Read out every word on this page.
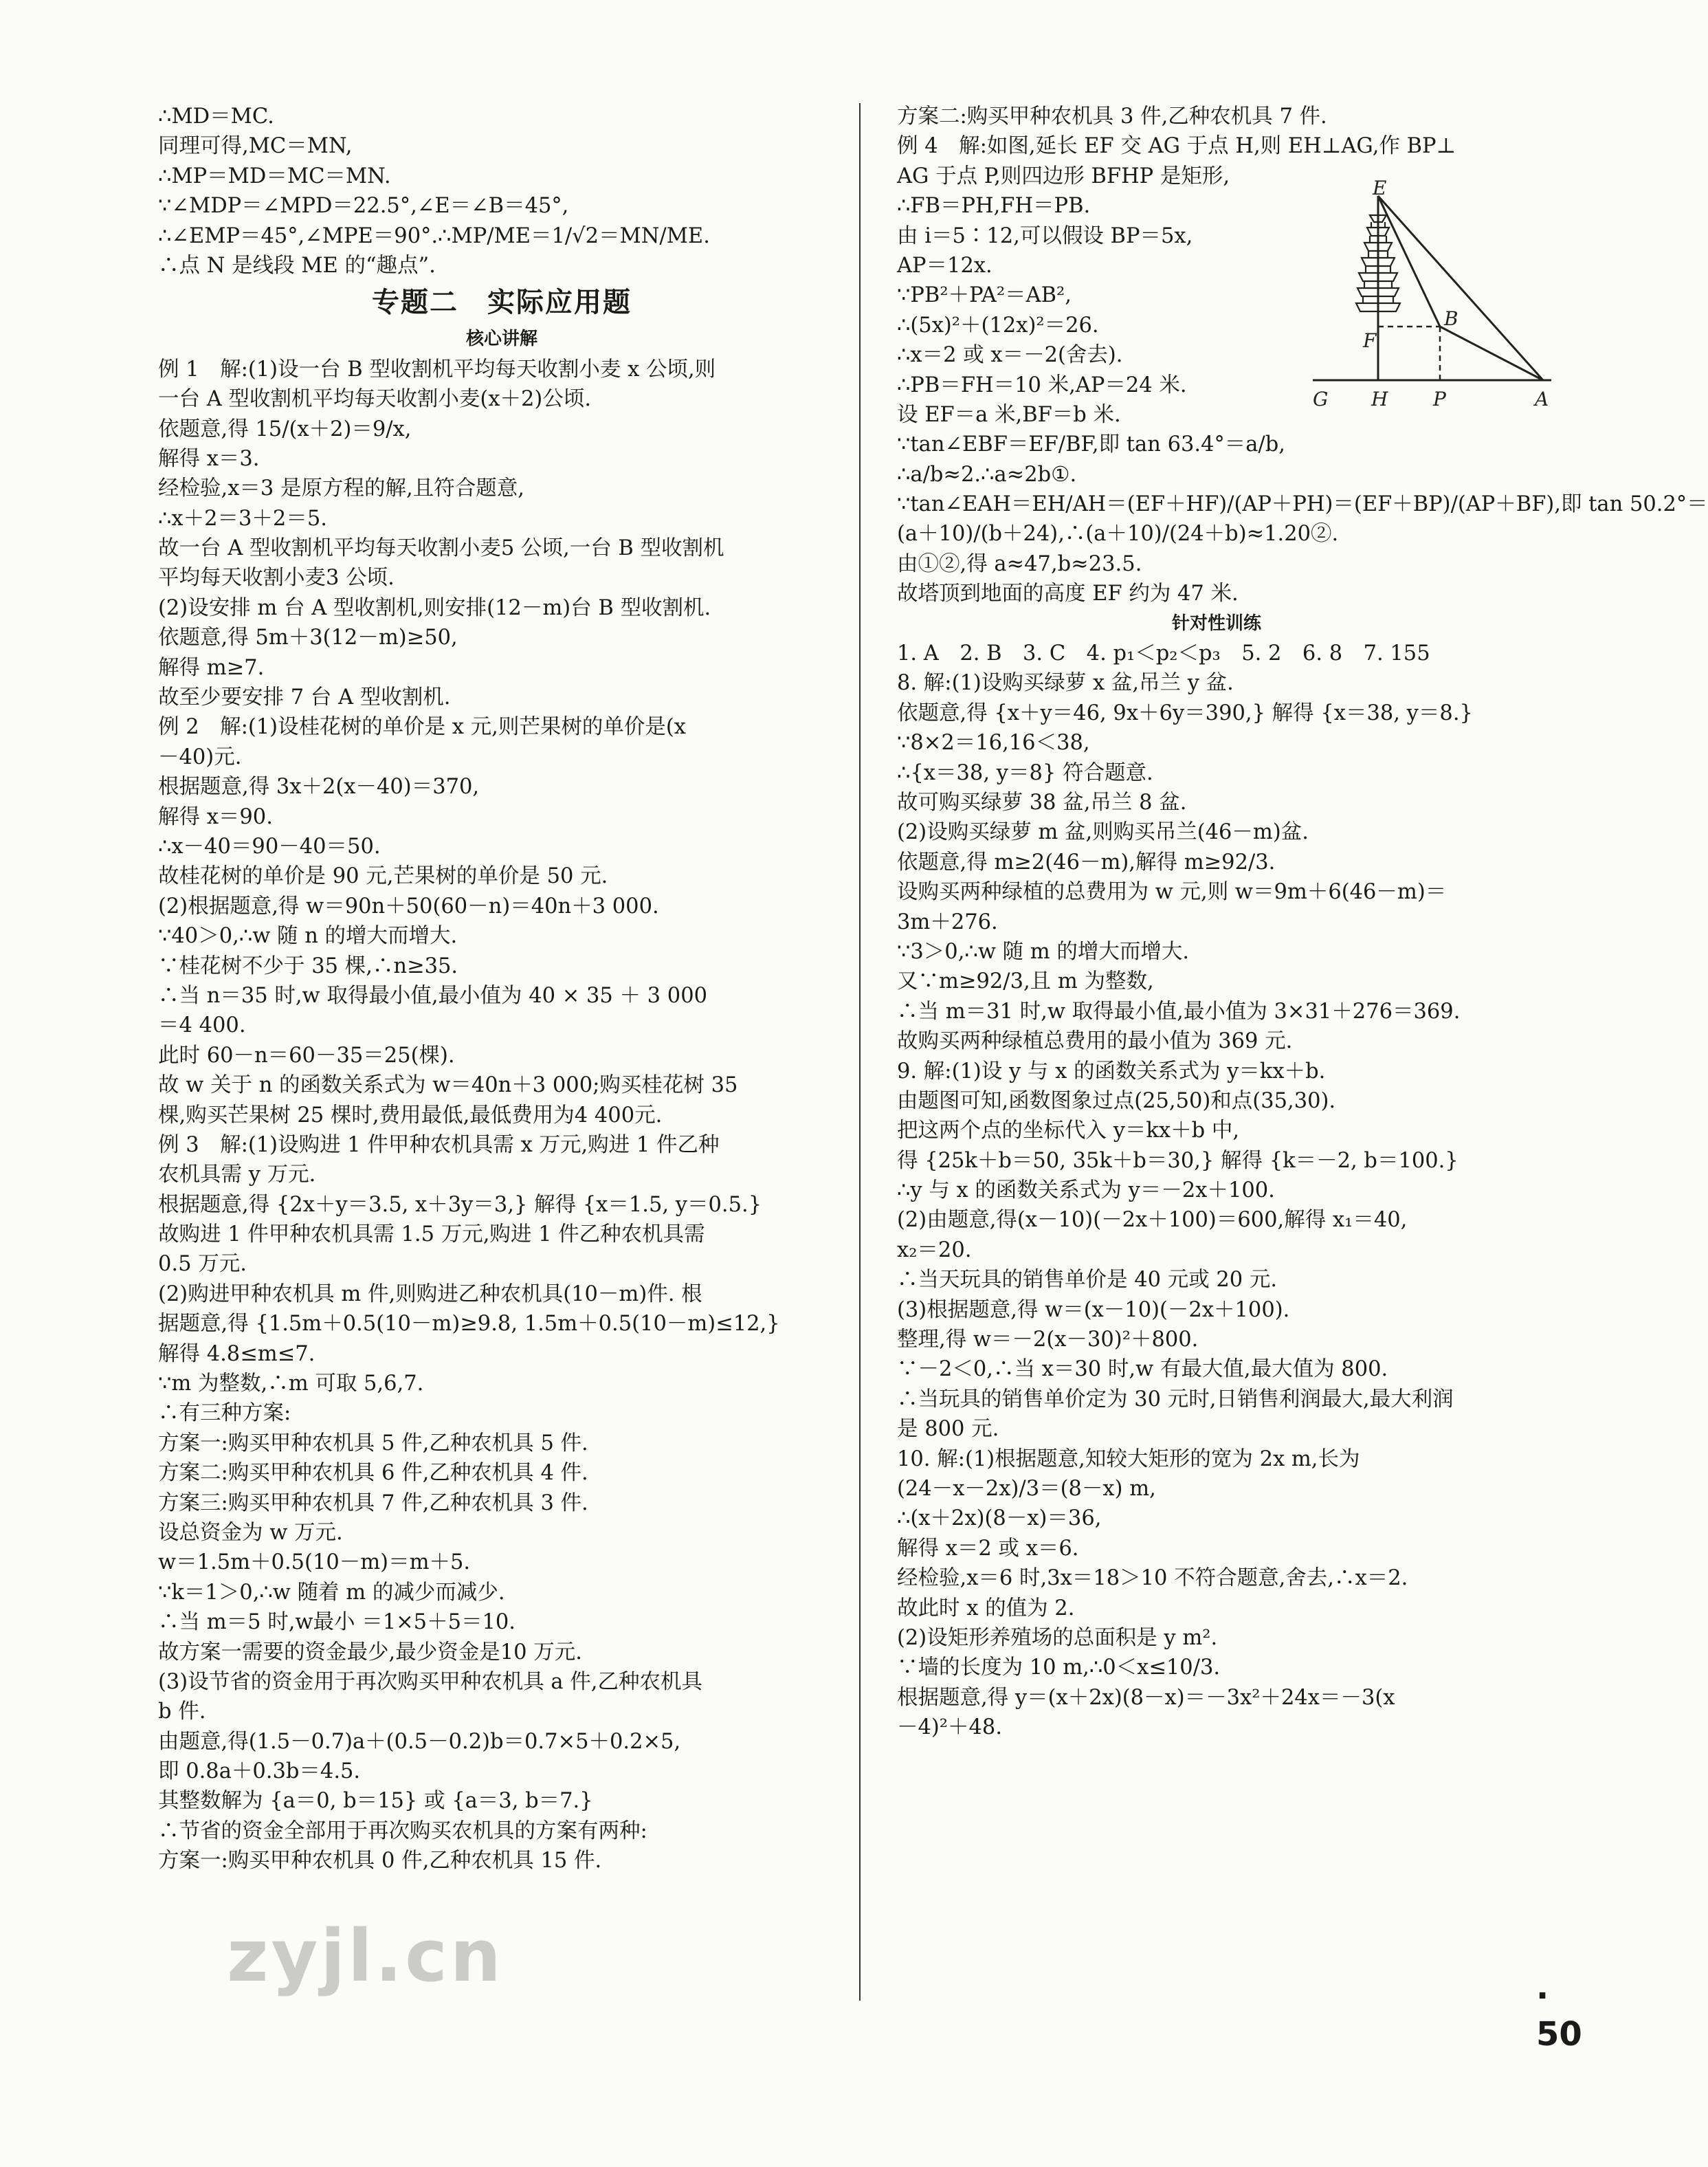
∴MD＝MC.
同理可得,MC＝MN,
∴MP＝MD＝MC＝MN.
∵∠MDP＝∠MPD＝22.5°,∠E＝∠B＝45°,
∴∠EMP＝45°,∠MPE＝90°.∴MP/ME＝1/√2＝MN/ME.
∴点 N 是线段 ME 的“趣点”.
专题二　实际应用题
核心讲解
例 1　解:(1)设一台 B 型收割机平均每天收割小麦 x 公顷,则
一台 A 型收割机平均每天收割小麦(x＋2)公顷.
依题意,得 15/(x＋2)＝9/x,
解得 x＝3.
经检验,x＝3 是原方程的解,且符合题意,
∴x＋2＝3＋2＝5.
故一台 A 型收割机平均每天收割小麦5 公顷,一台 B 型收割机
平均每天收割小麦3 公顷.
(2)设安排 m 台 A 型收割机,则安排(12－m)台 B 型收割机.
依题意,得 5m＋3(12－m)≥50,
解得 m≥7.
故至少要安排 7 台 A 型收割机.
例 2　解:(1)设桂花树的单价是 x 元,则芒果树的单价是(x
－40)元.
根据题意,得 3x＋2(x－40)＝370,
解得 x＝90.
∴x－40＝90－40＝50.
故桂花树的单价是 90 元,芒果树的单价是 50 元.
(2)根据题意,得 w＝90n＋50(60－n)＝40n＋3 000.
∵40＞0,∴w 随 n 的增大而增大.
∵桂花树不少于 35 棵,∴n≥35.
∴当 n＝35 时,w 取得最小值,最小值为 40 × 35 ＋ 3 000
＝4 400.
此时 60－n＝60－35＝25(棵).
故 w 关于 n 的函数关系式为 w＝40n＋3 000;购买桂花树 35
棵,购买芒果树 25 棵时,费用最低,最低费用为4 400元.
例 3　解:(1)设购进 1 件甲种农机具需 x 万元,购进 1 件乙种
农机具需 y 万元.
根据题意,得 {2x＋y＝3.5, x＋3y＝3,} 解得 {x＝1.5, y＝0.5.}
故购进 1 件甲种农机具需 1.5 万元,购进 1 件乙种农机具需
0.5 万元.
(2)购进甲种农机具 m 件,则购进乙种农机具(10－m)件. 根
据题意,得 {1.5m＋0.5(10－m)≥9.8, 1.5m＋0.5(10－m)≤12,}
解得 4.8≤m≤7.
∵m 为整数,∴m 可取 5,6,7.
∴有三种方案:
方案一:购买甲种农机具 5 件,乙种农机具 5 件.
方案二:购买甲种农机具 6 件,乙种农机具 4 件.
方案三:购买甲种农机具 7 件,乙种农机具 3 件.
设总资金为 w 万元.
w＝1.5m＋0.5(10－m)＝m＋5.
∵k＝1＞0,∴w 随着 m 的减少而减少.
∴当 m＝5 时,w最小 ＝1×5＋5＝10.
故方案一需要的资金最少,最少资金是10 万元.
(3)设节省的资金用于再次购买甲种农机具 a 件,乙种农机具
b 件.
由题意,得(1.5－0.7)a＋(0.5－0.2)b＝0.7×5＋0.2×5,
即 0.8a＋0.3b＝4.5.
其整数解为 {a＝0, b＝15} 或 {a＝3, b＝7.}
∴节省的资金全部用于再次购买农机具的方案有两种:
方案一:购买甲种农机具 0 件,乙种农机具 15 件.
方案二:购买甲种农机具 3 件,乙种农机具 7 件.
例 4　解:如图,延长 EF 交 AG 于点 H,则 EH⊥AG,作 BP⊥
AG 于点 P,则四边形 BFHP 是矩形,
∴FB＝PH,FH＝PB.
由 i＝5∶12,可以假设 BP＝5x,
AP＝12x.
∵PB²＋PA²＝AB²,
∴(5x)²＋(12x)²＝26.
∴x＝2 或 x＝－2(舍去).
∴PB＝FH＝10 米,AP＝24 米.
设 EF＝a 米,BF＝b 米.
∵tan∠EBF＝EF/BF,即 tan 63.4°＝a/b,
∴a/b≈2.∴a≈2b①.
∵tan∠EAH＝EH/AH＝(EF＋HF)/(AP＋PH)＝(EF＋BP)/(AP＋BF),即 tan 50.2°＝
(a＋10)/(b＋24),∴(a＋10)/(24＋b)≈1.20②.
由①②,得 a≈47,b≈23.5.
故塔顶到地面的高度 EF 约为 47 米.
针对性训练
1. A　2. B　3. C　4. p₁＜p₂＜p₃　5. 2　6. 8　7. 155
8. 解:(1)设购买绿萝 x 盆,吊兰 y 盆.
依题意,得 {x＋y＝46, 9x＋6y＝390,} 解得 {x＝38, y＝8.}
∵8×2＝16,16＜38,
∴{x＝38, y＝8} 符合题意.
故可购买绿萝 38 盆,吊兰 8 盆.
(2)设购买绿萝 m 盆,则购买吊兰(46－m)盆.
依题意,得 m≥2(46－m),解得 m≥92/3.
设购买两种绿植的总费用为 w 元,则 w＝9m＋6(46－m)＝
3m＋276.
∵3＞0,∴w 随 m 的增大而增大.
又∵m≥92/3,且 m 为整数,
∴当 m＝31 时,w 取得最小值,最小值为 3×31＋276＝369.
故购买两种绿植总费用的最小值为 369 元.
9. 解:(1)设 y 与 x 的函数关系式为 y＝kx＋b.
由题图可知,函数图象过点(25,50)和点(35,30).
把这两个点的坐标代入 y＝kx＋b 中,
得 {25k＋b＝50, 35k＋b＝30,} 解得 {k＝－2, b＝100.}
∴y 与 x 的函数关系式为 y＝－2x＋100.
(2)由题意,得(x－10)(－2x＋100)＝600,解得 x₁＝40,
x₂＝20.
∴当天玩具的销售单价是 40 元或 20 元.
(3)根据题意,得 w＝(x－10)(－2x＋100).
整理,得 w＝－2(x－30)²＋800.
∵－2＜0,∴当 x＝30 时,w 有最大值,最大值为 800.
∴当玩具的销售单价定为 30 元时,日销售利润最大,最大利润
是 800 元.
10. 解:(1)根据题意,知较大矩形的宽为 2x m,长为
(24－x－2x)/3＝(8－x) m,
∴(x＋2x)(8－x)＝36,
解得 x＝2 或 x＝6.
经检验,x＝6 时,3x＝18＞10 不符合题意,舍去,∴x＝2.
故此时 x 的值为 2.
(2)设矩形养殖场的总面积是 y m².
∵墙的长度为 10 m,∴0＜x≤10/3.
根据题意,得 y＝(x＋2x)(8－x)＝－3x²＋24x＝－3(x
－4)²＋48.
E
F
B
G H P	A
· 50
zyjl.cn
